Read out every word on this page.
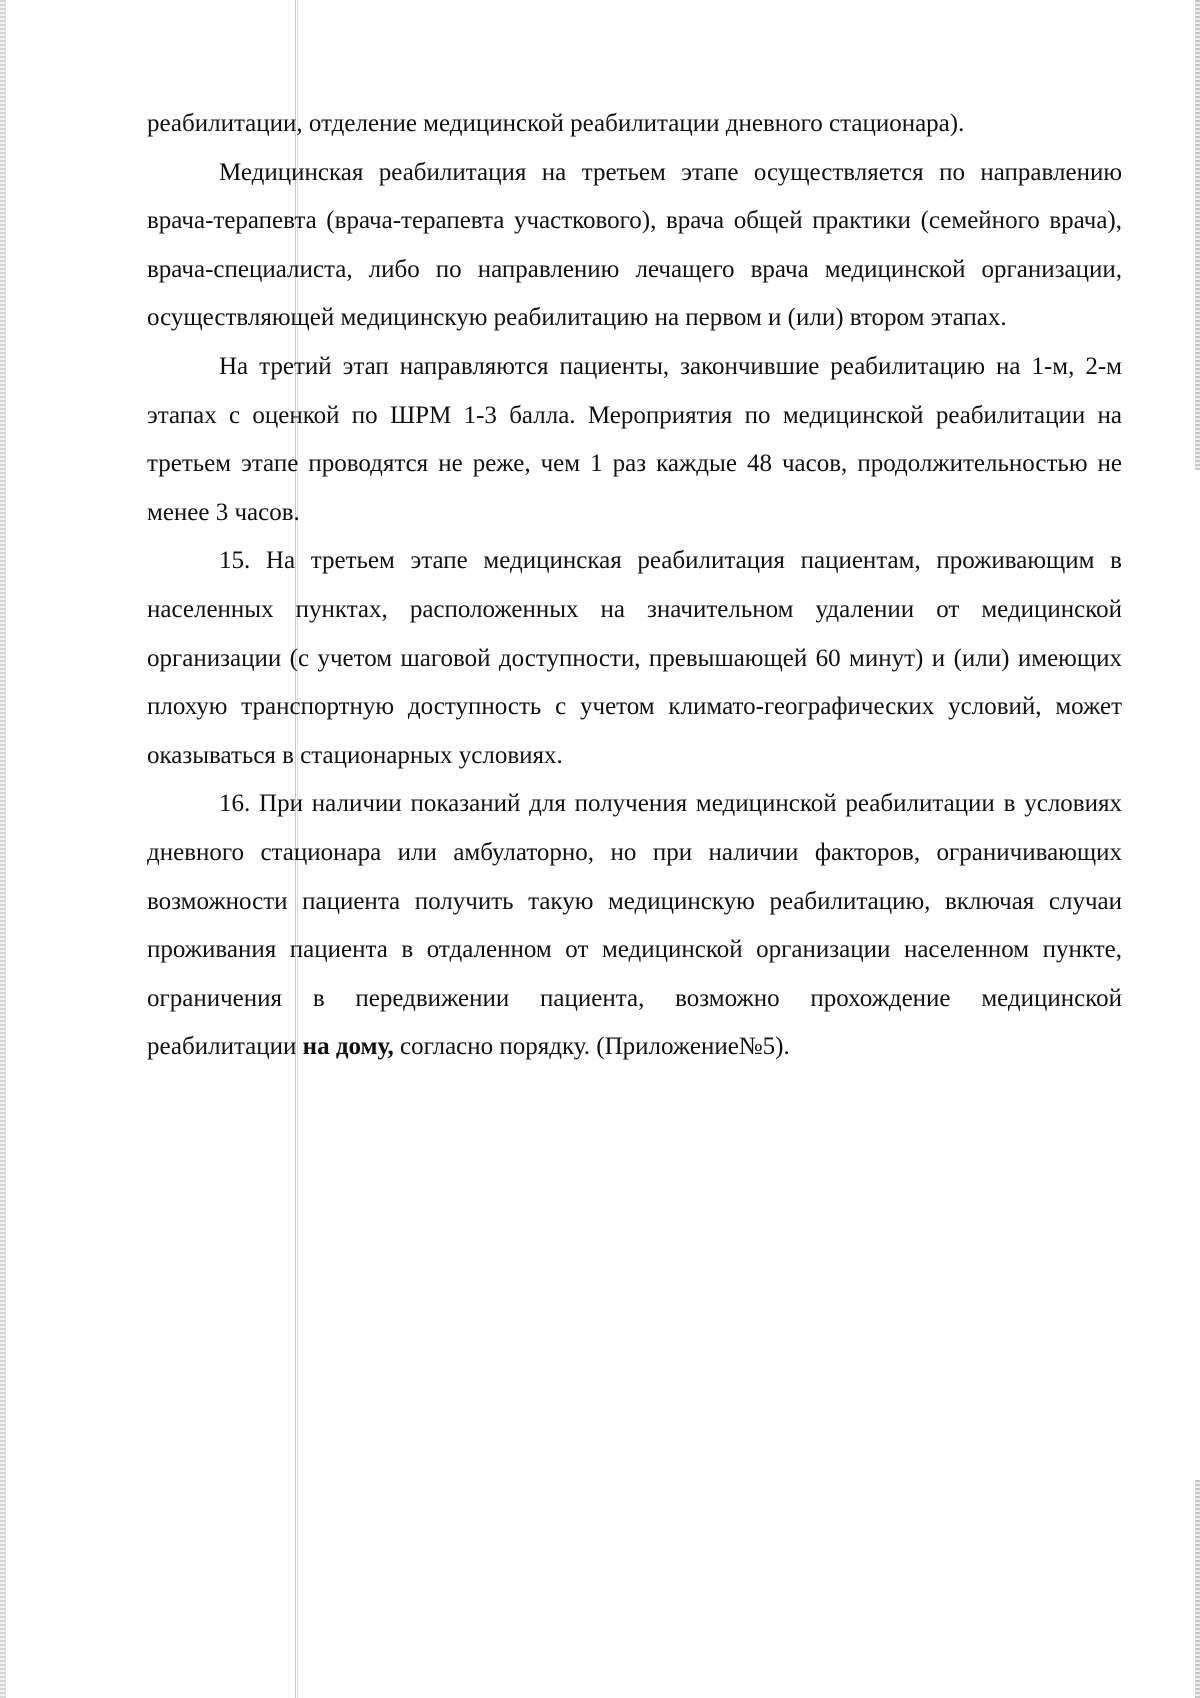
реабилитации, отделение медицинской реабилитации дневного стационара).

Медицинская реабилитация на третьем этапе осуществляется по направлению врача-терапевта (врача-терапевта участкового), врача общей практики (семейного врача), врача-специалиста, либо по направлению лечащего врача медицинской организации, осуществляющей медицинскую реабилитацию на первом и (или) втором этапах.

На третий этап направляются пациенты, закончившие реабилитацию на 1-м, 2-м этапах с оценкой по ШРМ 1-3 балла. Мероприятия по медицинской реабилитации на третьем этапе проводятся не реже, чем 1 раз каждые 48 часов, продолжительностью не менее 3 часов.

15. На третьем этапе медицинская реабилитация пациентам, проживающим в населенных пунктах, расположенных на значительном удалении от медицинской организации (с учетом шаговой доступности, превышающей 60 минут) и (или) имеющих плохую транспортную доступность с учетом климато-географических условий, может оказываться в стационарных условиях.

16. При наличии показаний для получения медицинской реабилитации в условиях дневного стационара или амбулаторно, но при наличии факторов, ограничивающих возможности пациента получить такую медицинскую реабилитацию, включая случаи проживания пациента в отдаленном от медицинской организации населенном пункте, ограничения в передвижении пациента, возможно прохождение медицинской реабилитации на дому, согласно порядку. (Приложение№5).
